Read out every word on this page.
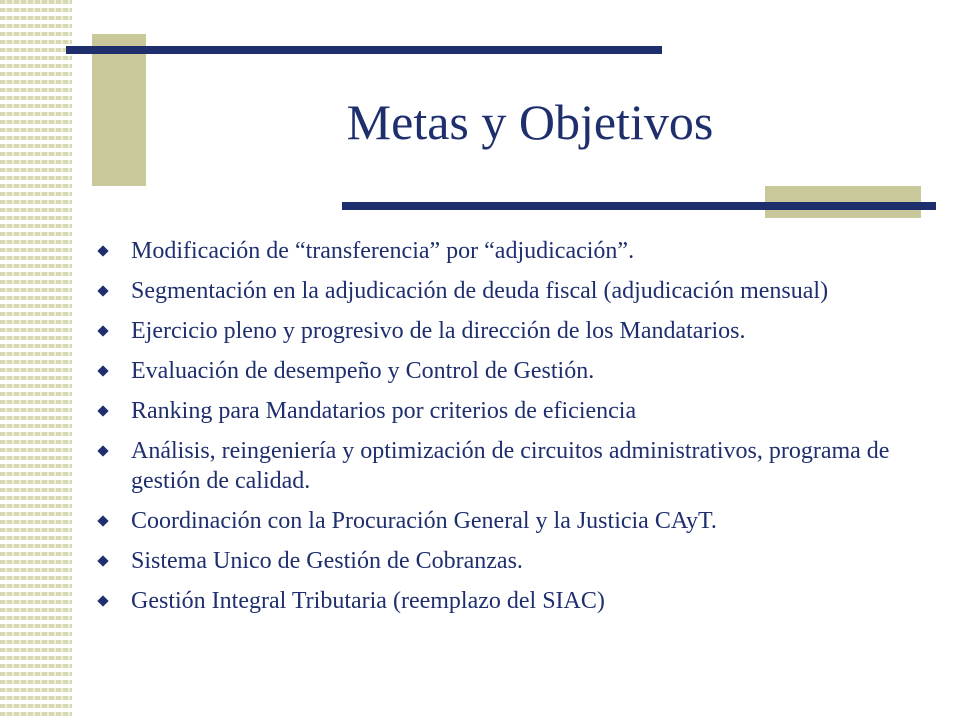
Metas y Objetivos
Modificación de “transferencia” por “adjudicación”.
Segmentación en la adjudicación de deuda fiscal (adjudicación mensual)
Ejercicio pleno y progresivo de la dirección de los Mandatarios.
Evaluación de desempeño y Control de Gestión.
Ranking para Mandatarios por criterios de eficiencia
Análisis, reingeniería y optimización de circuitos administrativos, programa de gestión de calidad.
Coordinación con la Procuración General y la Justicia CAyT.
Sistema Unico de Gestión de Cobranzas.
Gestión Integral Tributaria (reemplazo del SIAC)
